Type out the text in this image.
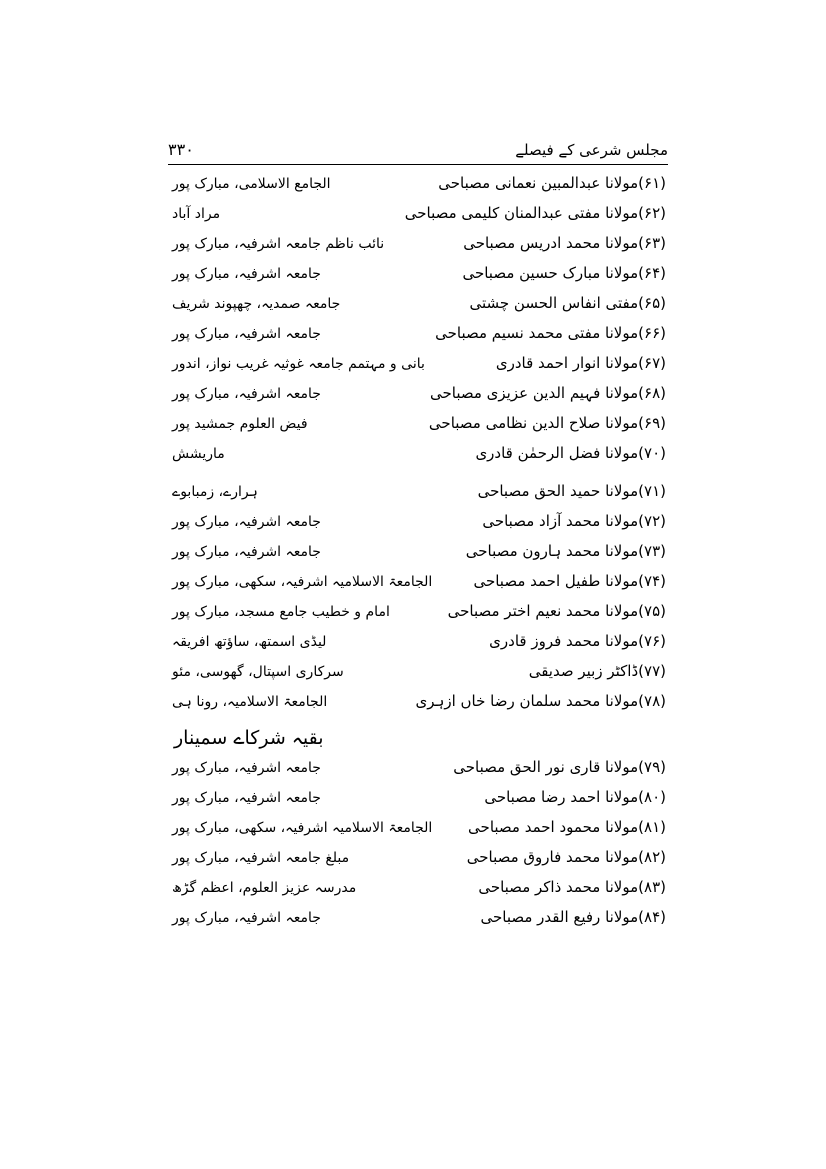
مجلس شرعی کے فیصلے
۳۳۰
(۶۱)مولانا عبدالمبین نعمانی مصباحی
الجامع الاسلامی، مبارک پور
(۶۲)مولانا مفتی عبدالمنان کلیمی مصباحی
مراد آباد
(۶۳)مولانا محمد ادریس مصباحی
نائب ناظم جامعہ اشرفیہ، مبارک پور
(۶۴)مولانا مبارک حسین مصباحی
جامعہ اشرفیہ، مبارک پور
(۶۵)مفتی انفاس الحسن چشتی
جامعہ صمدیہ، چھپوند شریف
(۶۶)مولانا مفتی محمد نسیم مصباحی
جامعہ اشرفیہ، مبارک پور
(۶۷)مولانا انوار احمد قادری
بانی و مہتمم جامعہ غوثیہ غریب نواز، اندور
(۶۸)مولانا فہیم الدین عزیزی مصباحی
جامعہ اشرفیہ، مبارک پور
(۶۹)مولانا صلاح الدین نظامی مصباحی
فیض العلوم جمشید پور
(۷۰)مولانا فضل الرحمٰن قادری
ماریشش
(۷۱)مولانا حمید الحق مصباحی
ہرارے، زمبابوے
(۷۲)مولانا محمد آزاد مصباحی
جامعہ اشرفیہ، مبارک پور
(۷۳)مولانا محمد ہارون مصباحی
جامعہ اشرفیہ، مبارک پور
(۷۴)مولانا طفیل احمد مصباحی
الجامعۃ الاسلامیہ اشرفیہ، سکھی، مبارک پور
(۷۵)مولانا محمد نعیم اختر مصباحی
امام و خطیب جامع مسجد، مبارک پور
(۷۶)مولانا محمد فروز قادری
لیڈی اسمتھ، ساؤتھ افریقہ
(۷۷)ڈاکٹر زبیر صدیقی
سرکاری اسپتال، گھوسی، مئو
(۷۸)مولانا محمد سلمان رضا خاں ازہری
الجامعۃ الاسلامیہ، رونا ہی
بقیہ شرکاے سمینار
(۷۹)مولانا قاری نور الحق مصباحی
جامعہ اشرفیہ، مبارک پور
(۸۰)مولانا احمد رضا مصباحی
جامعہ اشرفیہ، مبارک پور
(۸۱)مولانا محمود احمد مصباحی
الجامعۃ الاسلامیہ اشرفیہ، سکھی، مبارک پور
(۸۲)مولانا محمد فاروق مصباحی
مبلغ جامعہ اشرفیہ، مبارک پور
(۸۳)مولانا محمد ذاکر مصباحی
مدرسہ عزیز العلوم، اعظم گڑھ
(۸۴)مولانا رفیع القدر مصباحی
جامعہ اشرفیہ، مبارک پور
